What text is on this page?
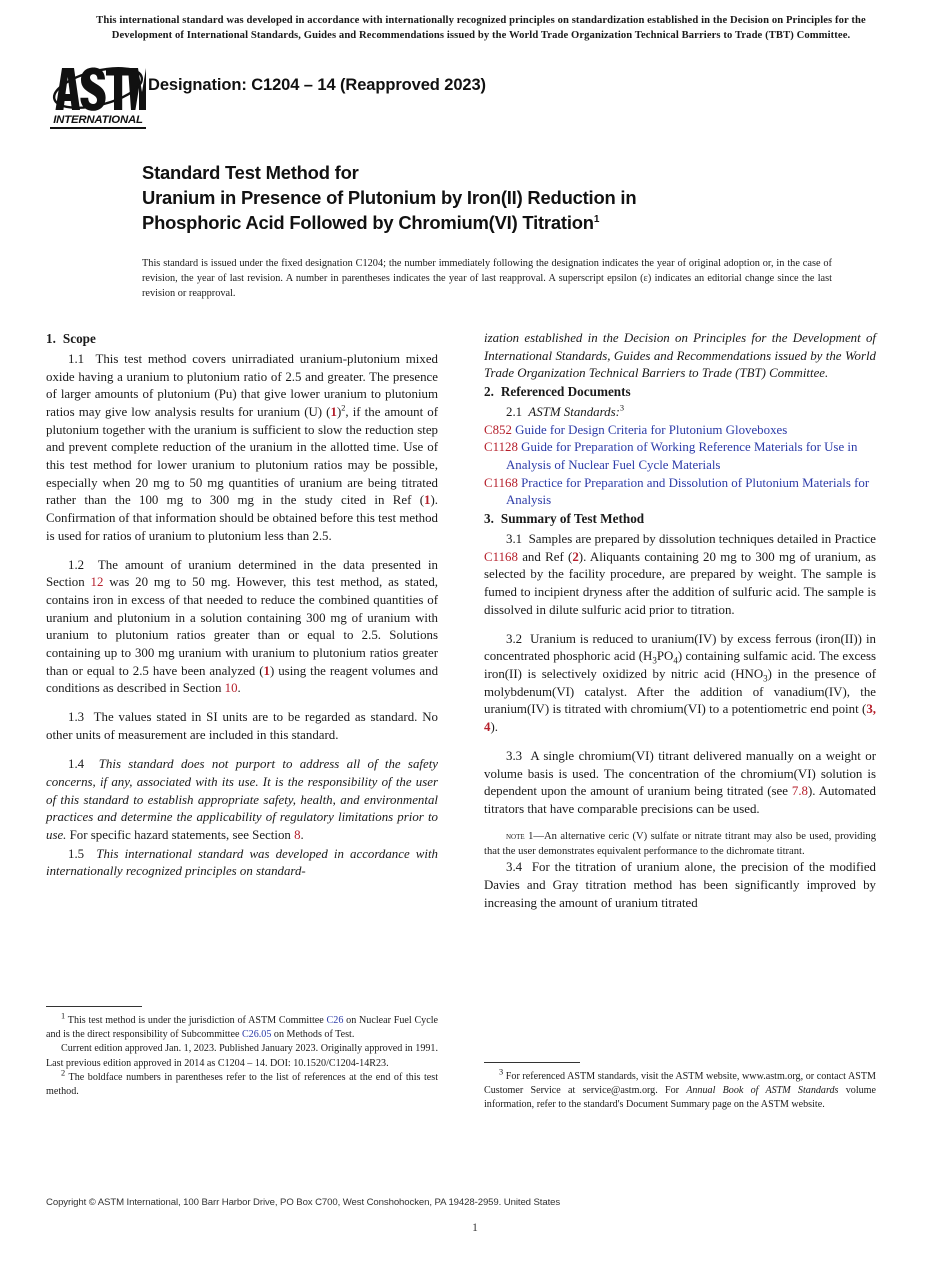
This international standard was developed in accordance with internationally recognized principles on standardization established in the Decision on Principles for the
Development of International Standards, Guides and Recommendations issued by the World Trade Organization Technical Barriers to Trade (TBT) Committee.
INTERNATIONAL
Designation: C1204 – 14 (Reapproved 2023)
Standard Test Method for
Uranium in Presence of Plutonium by Iron(II) Reduction in
Phosphoric Acid Followed by Chromium(VI) Titration$^1$
This standard is issued under the fixed designation C1204; the number immediately following the designation indicates the year of original adoption or, in the case of revision, the year of last revision. A number in parentheses indicates the year of last reapproval. A superscript epsilon (ε) indicates an editorial change since the last revision or reapproval.
1. Scope

1.1 This test method covers unirradiated uranium-plutonium mixed oxide having a uranium to plutonium ratio of 2.5 and greater. The presence of larger amounts of plutonium (Pu) that give lower uranium to plutonium ratios may give low analysis results for uranium (U) (1)$^2$, if the amount of plutonium together with the uranium is sufficient to slow the reduction step and prevent complete reduction of the uranium in the allotted time. Use of this test method for lower uranium to plutonium ratios may be possible, especially when 20 mg to 50 mg quantities of uranium are being titrated rather than the 100 mg to 300 mg in the study cited in Ref (1). Confirmation of that information should be obtained before this test method is used for ratios of uranium to plutonium less than 2.5.

1.2 The amount of uranium determined in the data presented in Section 12 was 20 mg to 50 mg. However, this test method, as stated, contains iron in excess of that needed to reduce the combined quantities of uranium and plutonium in a solution containing 300 mg of uranium with uranium to plutonium ratios greater than or equal to 2.5. Solutions containing up to 300 mg uranium with uranium to plutonium ratios greater than or equal to 2.5 have been analyzed (1) using the reagent volumes and conditions as described in Section 10.

1.3 The values stated in SI units are to be regarded as standard. No other units of measurement are included in this standard.

1.4 This standard does not purport to address all of the safety concerns, if any, associated with its use. It is the responsibility of the user of this standard to establish appropriate safety, health, and environmental practices and determine the applicability of regulatory limitations prior to use. For specific hazard statements, see Section 8.

1.5 This international standard was developed in accordance with internationally recognized principles on standard-

ization established in the Decision on Principles for the Development of International Standards, Guides and Recommendations issued by the World Trade Organization Technical Barriers to Trade (TBT) Committee.

2. Referenced Documents

2.1 ASTM Standards:$^3$

C852 Guide for Design Criteria for Plutonium Gloveboxes
C1128 Guide for Preparation of Working Reference Materials for Use in Analysis of Nuclear Fuel Cycle Materials
C1168 Practice for Preparation and Dissolution of Plutonium Materials for Analysis
3. Summary of Test Method

3.1 Samples are prepared by dissolution techniques detailed in Practice C1168 and Ref (2). Aliquants containing 20 mg to 300 mg of uranium, as selected by the facility procedure, are prepared by weight. The sample is fumed to incipient dryness after the addition of sulfuric acid. The sample is dissolved in dilute sulfuric acid prior to titration.

3.2 Uranium is reduced to uranium(IV) by excess ferrous (iron(II)) in concentrated phosphoric acid $(H_3PO_4)$ containing sulfamic acid. The excess iron(II) is selectively oxidized by nitric acid $(HNO_3)$ in the presence of molybdenum(VI) catalyst. After the addition of vanadium(IV), the uranium(IV) is titrated with chromium(VI) to a potentiometric end point (3, 4).

3.3 A single chromium(VI) titrant delivered manually on a weight or volume basis is used. The concentration of the chromium(VI) solution is dependent upon the amount of uranium being titrated (see 7.8). Automated titrators that have comparable precisions can be used.

note 1—An alternative ceric (V) sulfate or nitrate titrant may also be used, providing that the user demonstrates equivalent performance to the dichromate titrant.

3.4 For the titration of uranium alone, the precision of the modified Davies and Gray titration method has been significantly improved by increasing the amount of uranium titrated

$^1$ This test method is under the jurisdiction of ASTM Committee C26 on Nuclear Fuel Cycle and is the direct responsibility of Subcommittee C26.05 on Methods of Test.

Current edition approved Jan. 1, 2023. Published January 2023. Originally approved in 1991. Last previous edition approved in 2014 as C1204 – 14. DOI: 10.1520/C1204-14R23.

$^2$ The boldface numbers in parentheses refer to the list of references at the end of this test method.

$^3$ For referenced ASTM standards, visit the ASTM website, www.astm.org, or contact ASTM Customer Service at service@astm.org. For Annual Book of ASTM Standards volume information, refer to the standard's Document Summary page on the ASTM website.

Copyright © ASTM International, 100 Barr Harbor Drive, PO Box C700, West Conshohocken, PA 19428-2959. United States
1
